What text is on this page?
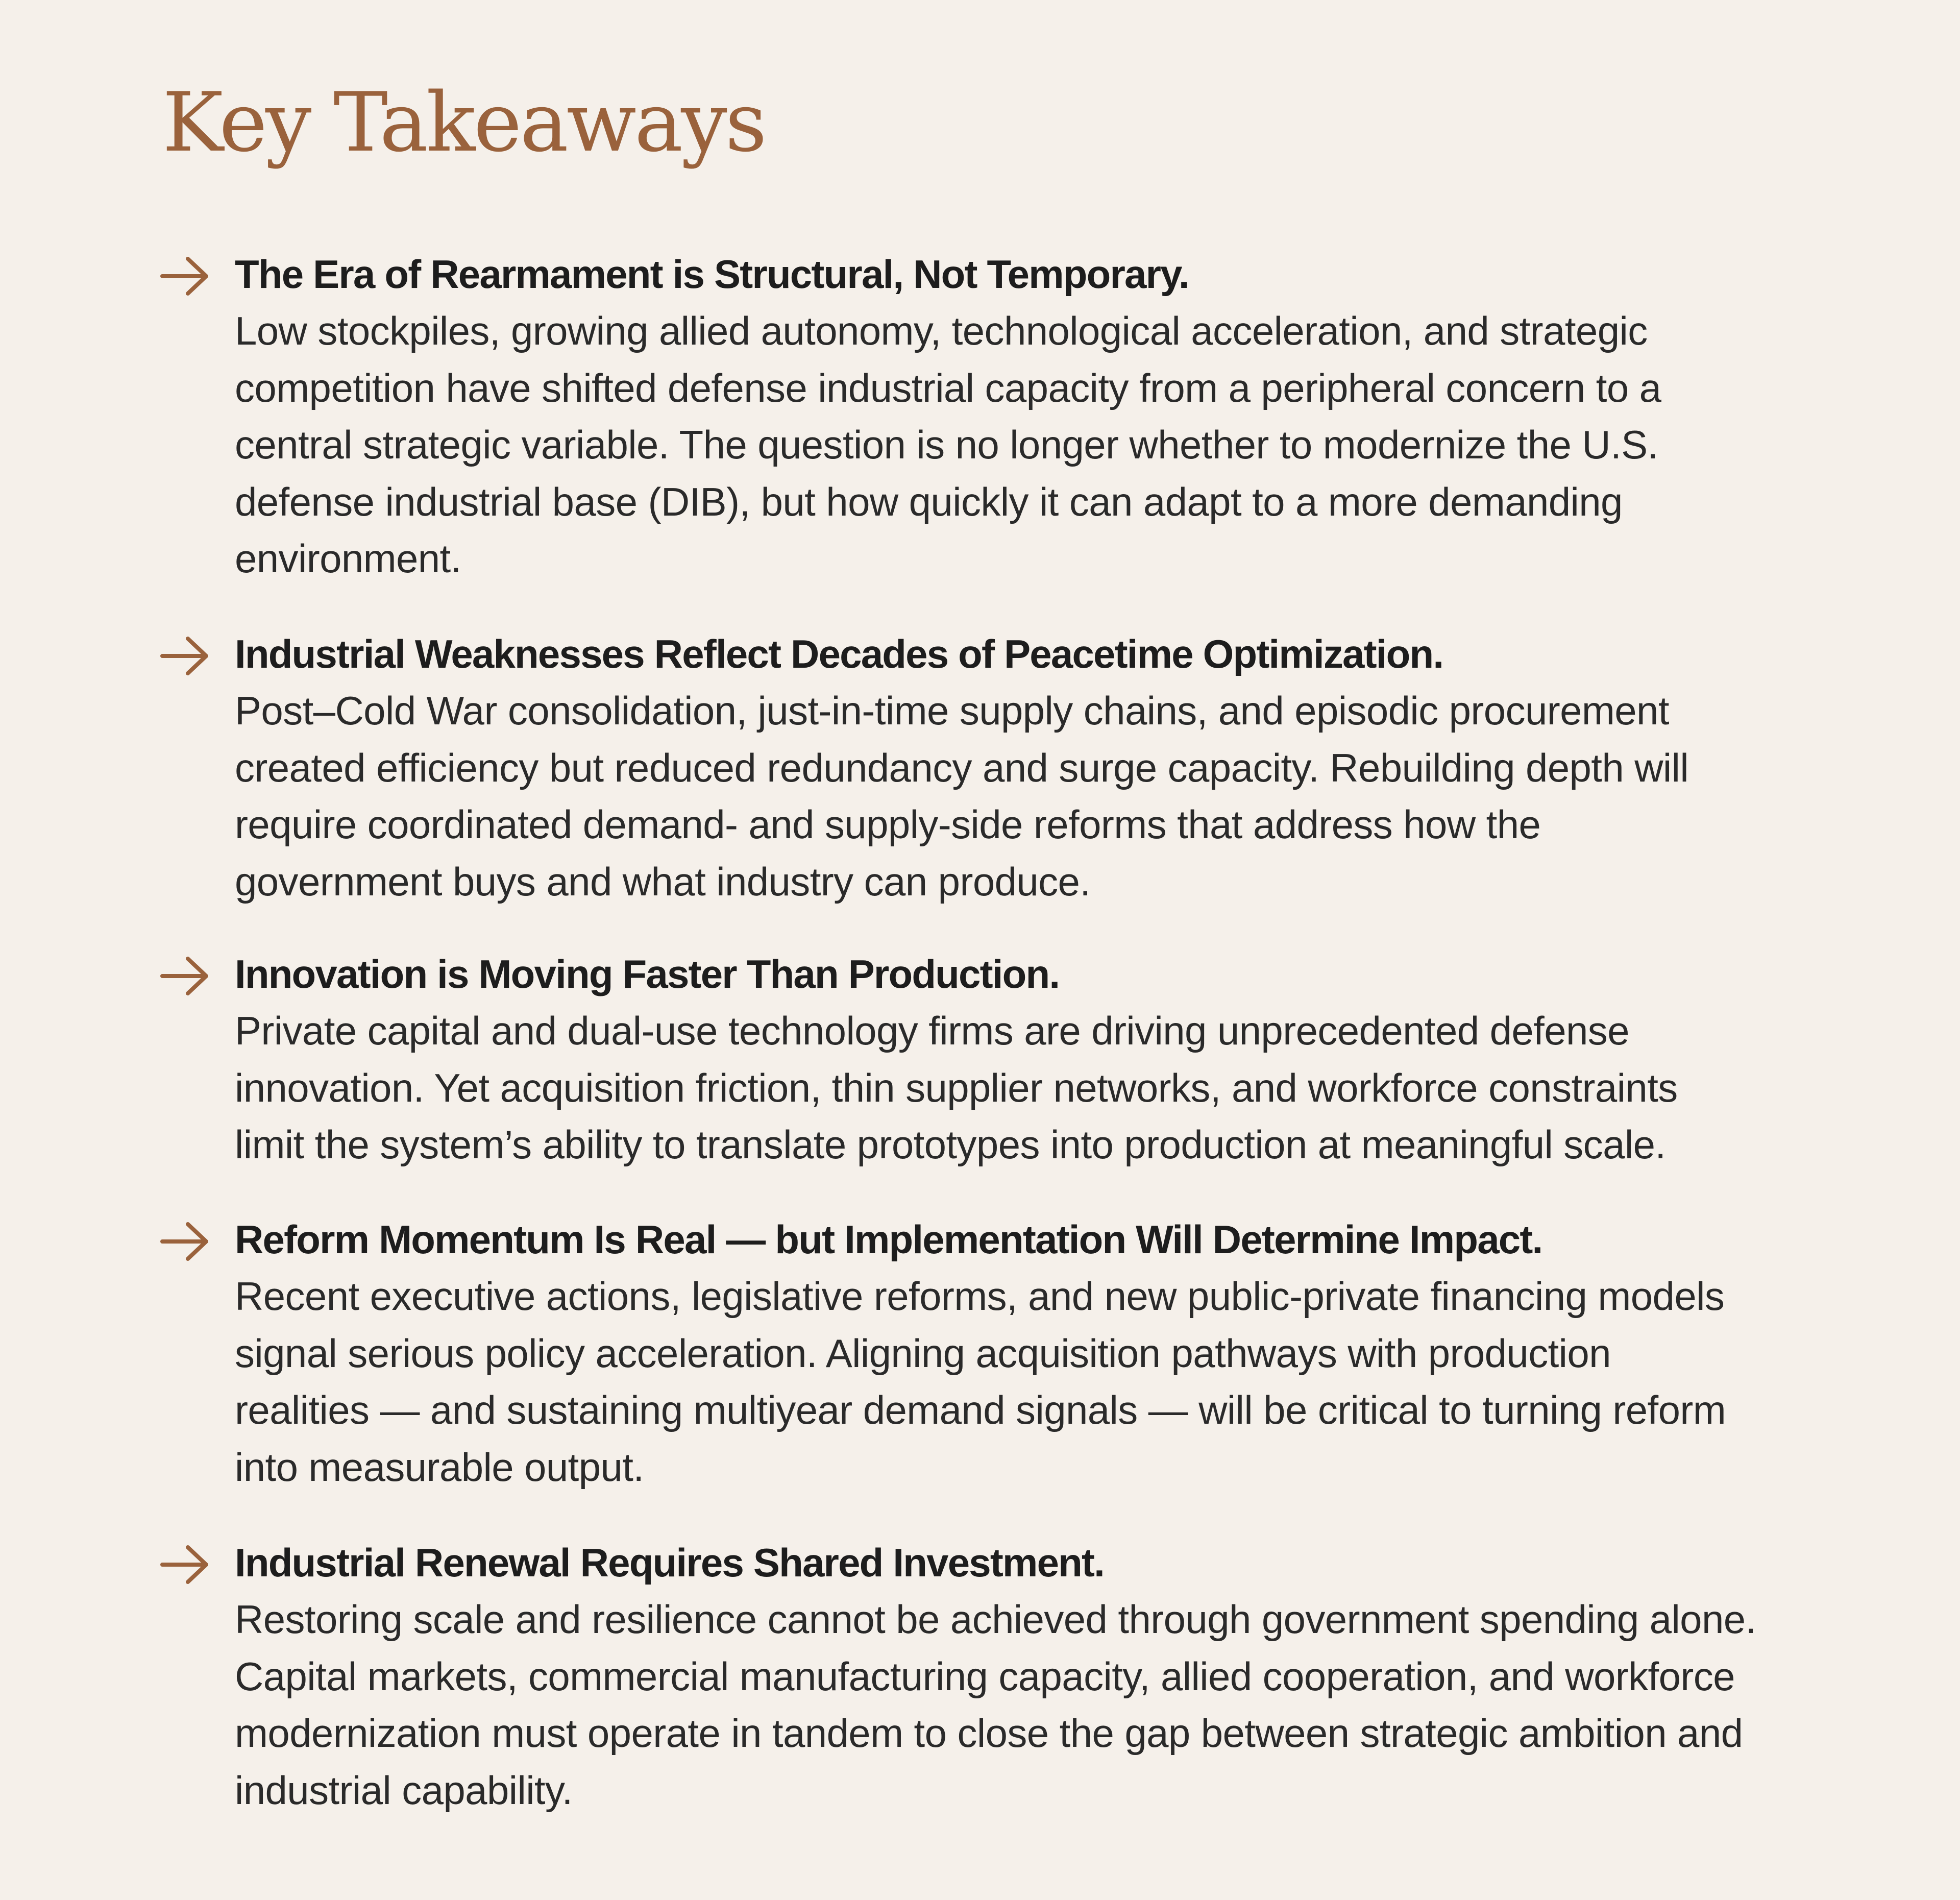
Key Takeaways

The Era of Rearmament is Structural, Not Temporary.

Low stockpiles, growing allied autonomy, technological acceleration, and strategic
competition have shifted defense industrial capacity from a peripheral concern to a
central strategic variable. The question is no longer whether to modernize the U.S.
defense industrial base (DIB), but how quickly it can adapt to a more demanding
environment.

Industrial Weaknesses Reflect Decades of Peacetime Optimization.

Post–Cold War consolidation, just-in-time supply chains, and episodic procurement
created efficiency but reduced redundancy and surge capacity. Rebuilding depth will
require coordinated demand- and supply-side reforms that address how the
government buys and what industry can produce.

Innovation is Moving Faster Than Production.

Private capital and dual-use technology firms are driving unprecedented defense
innovation. Yet acquisition friction, thin supplier networks, and workforce constraints
limit the system’s ability to translate prototypes into production at meaningful scale.

Reform Momentum Is Real — but Implementation Will Determine Impact.

Recent executive actions, legislative reforms, and new public-private financing models
signal serious policy acceleration. Aligning acquisition pathways with production
realities — and sustaining multiyear demand signals — will be critical to turning reform
into measurable output.

Industrial Renewal Requires Shared Investment.

Restoring scale and resilience cannot be achieved through government spending alone.
Capital markets, commercial manufacturing capacity, allied cooperation, and workforce
modernization must operate in tandem to close the gap between strategic ambition and
industrial capability.
